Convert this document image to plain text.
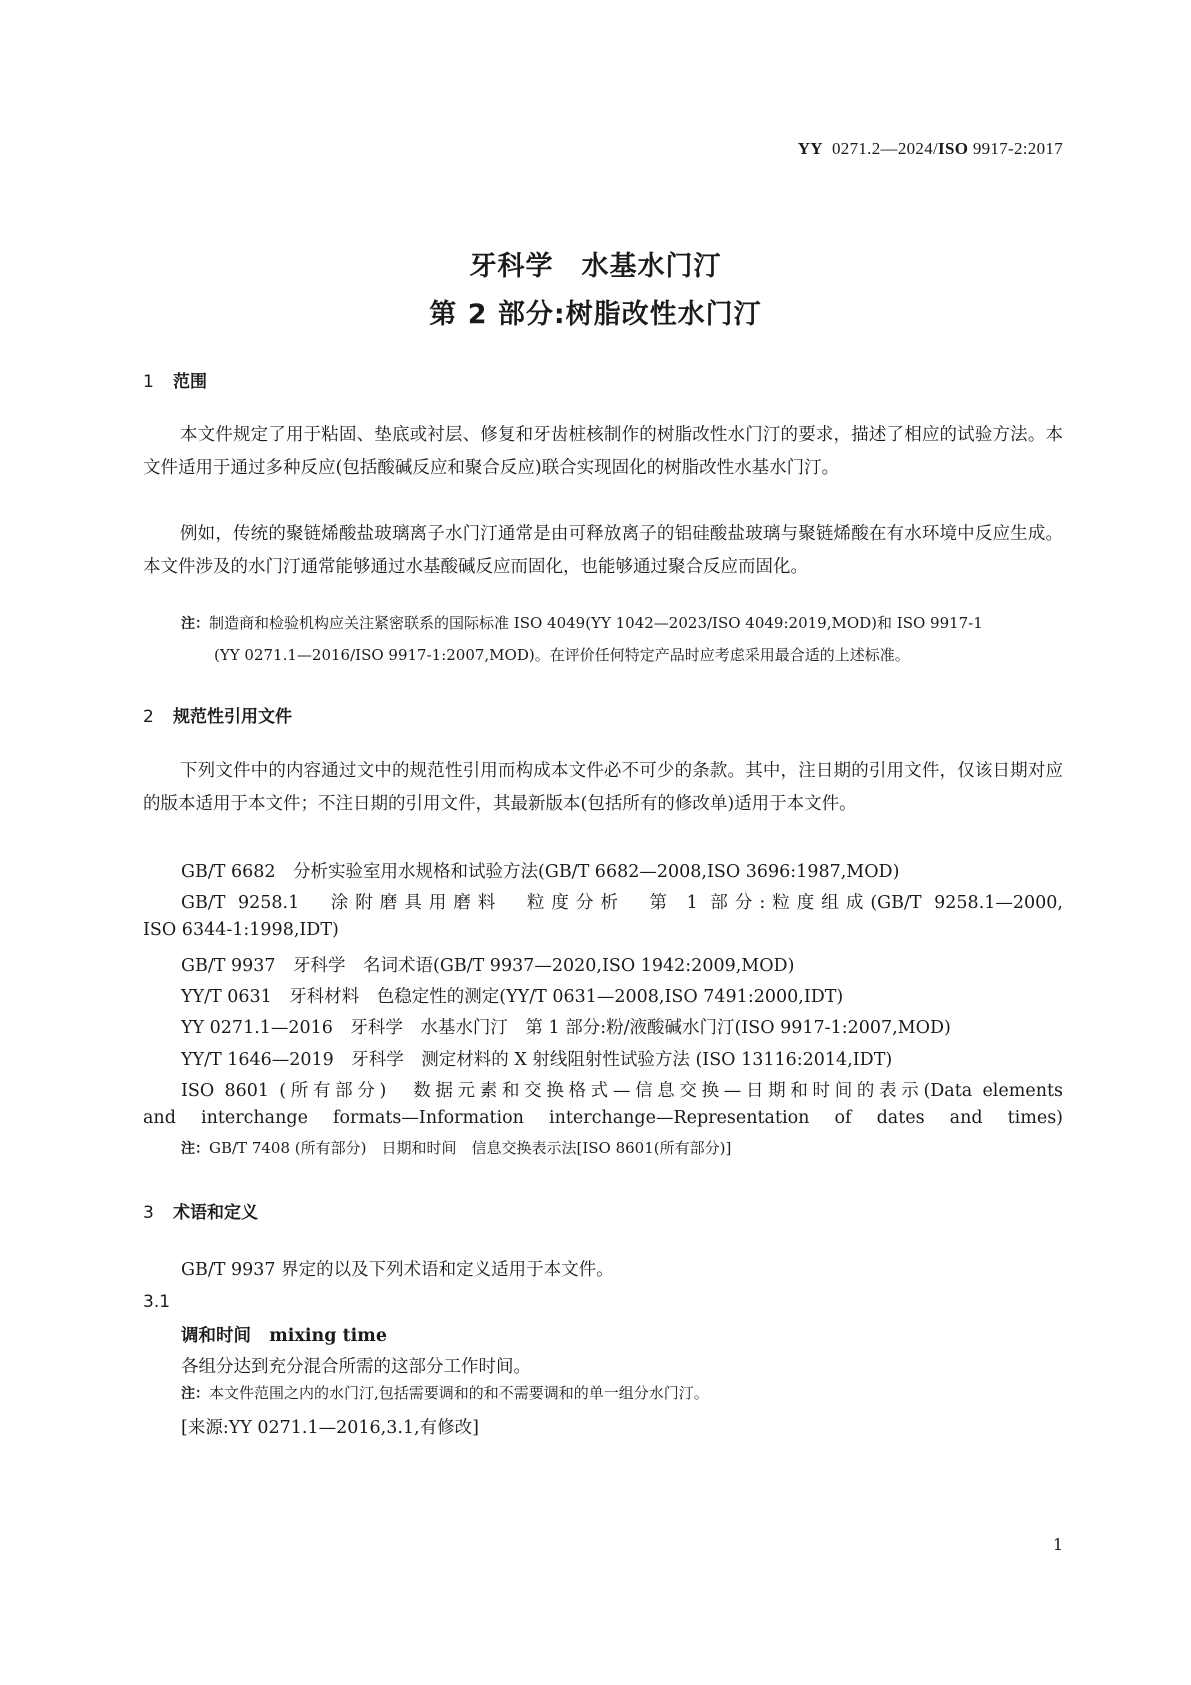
YY 0271.2—2024/ISO 9917-2:2017
牙科学　水基水门汀
第 2 部分:树脂改性水门汀
1 范围
本文件规定了用于粘固、垫底或衬层、修复和牙齿桩核制作的树脂改性水门汀的要求，描述了相应的试验方法。本文件适用于通过多种反应(包括酸碱反应和聚合反应)联合实现固化的树脂改性水基水门汀。
例如，传统的聚链烯酸盐玻璃离子水门汀通常是由可释放离子的铝硅酸盐玻璃与聚链烯酸在有水环境中反应生成。本文件涉及的水门汀通常能够通过水基酸碱反应而固化，也能够通过聚合反应而固化。
注：制造商和检验机构应关注紧密联系的国际标准 ISO 4049(YY 1042—2023/ISO 4049:2019,MOD)和 ISO 9917-1
(YY 0271.1—2016/ISO 9917-1:2007,MOD)。在评价任何特定产品时应考虑采用最合适的上述标准。
2 规范性引用文件
下列文件中的内容通过文中的规范性引用而构成本文件必不可少的条款。其中，注日期的引用文件，仅该日期对应的版本适用于本文件；不注日期的引用文件，其最新版本(包括所有的修改单)适用于本文件。
GB/T 6682　分析实验室用水规格和试验方法(GB/T 6682—2008,ISO 3696:1987,MOD)
GB/T 9258.1　涂附磨具用磨料　粒度分析　第 1 部分:粒度组成(GB/T 9258.1—2000,
ISO 6344-1:1998,IDT)
GB/T 9937　牙科学　名词术语(GB/T 9937—2020,ISO 1942:2009,MOD)
YY/T 0631　牙科材料　色稳定性的测定(YY/T 0631—2008,ISO 7491:2000,IDT)
YY 0271.1—2016　牙科学　水基水门汀　第 1 部分:粉/液酸碱水门汀(ISO 9917-1:2007,MOD)
YY/T 1646—2019　牙科学　测定材料的 X 射线阻射性试验方法 (ISO 13116:2014,IDT)
ISO 8601 (所有部分)　数据元素和交换格式—信息交换—日期和时间的表示(Data elements
and interchange formats—Information interchange—Representation of dates and times)
注：GB/T 7408 (所有部分)　日期和时间　信息交换表示法[ISO 8601(所有部分)]
3 术语和定义
GB/T 9937 界定的以及下列术语和定义适用于本文件。
3.1
调和时间 mixing time
各组分达到充分混合所需的这部分工作时间。
注：本文件范围之内的水门汀,包括需要调和的和不需要调和的单一组分水门汀。
[来源:YY 0271.1—2016,3.1,有修改]
1
